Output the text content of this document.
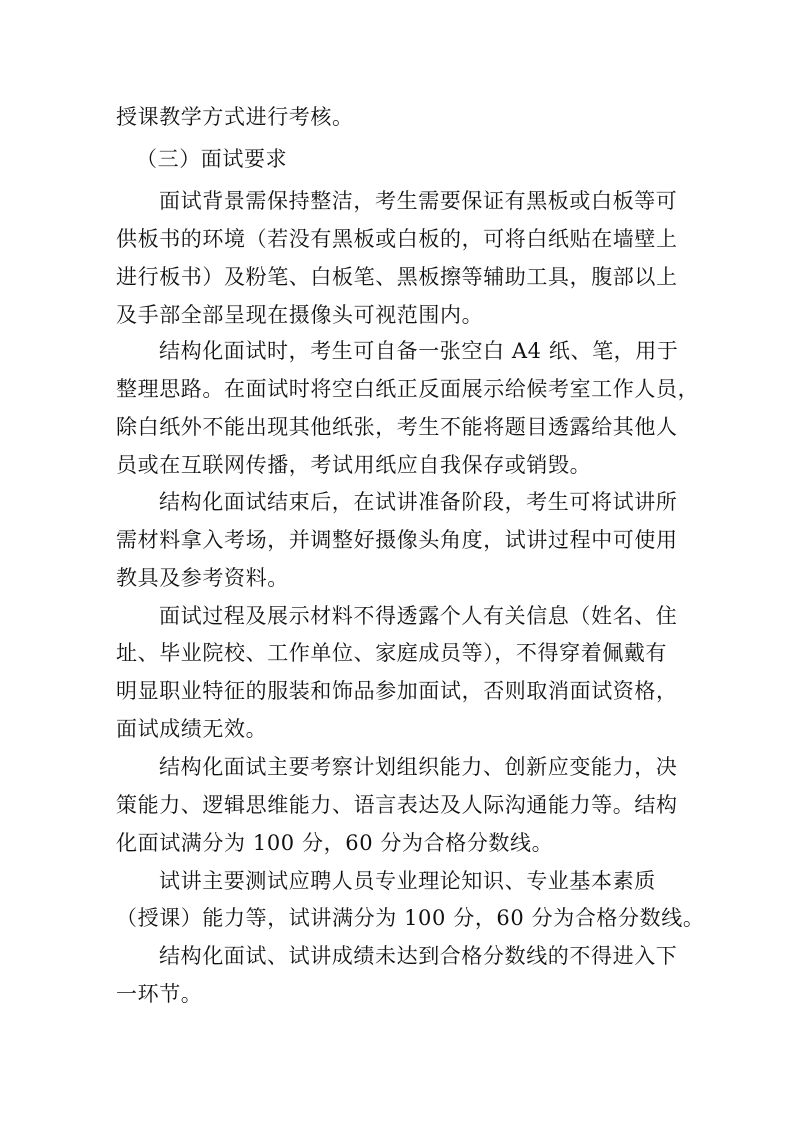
授课教学方式进行考核。
（三）面试要求
面试背景需保持整洁，考生需要保证有黑板或白板等可
供板书的环境（若没有黑板或白板的，可将白纸贴在墙壁上
进行板书）及粉笔、白板笔、黑板擦等辅助工具，腹部以上
及手部全部呈现在摄像头可视范围内。
结构化面试时，考生可自备一张空白 A4 纸、笔，用于
整理思路。在面试时将空白纸正反面展示给候考室工作人员，
除白纸外不能出现其他纸张，考生不能将题目透露给其他人
员或在互联网传播，考试用纸应自我保存或销毁。
结构化面试结束后，在试讲准备阶段，考生可将试讲所
需材料拿入考场，并调整好摄像头角度，试讲过程中可使用
教具及参考资料。
面试过程及展示材料不得透露个人有关信息（姓名、住
址、毕业院校、工作单位、家庭成员等），不得穿着佩戴有
明显职业特征的服装和饰品参加面试，否则取消面试资格，
面试成绩无效。
结构化面试主要考察计划组织能力、创新应变能力，决
策能力、逻辑思维能力、语言表达及人际沟通能力等。结构
化面试满分为 100 分，60 分为合格分数线。
试讲主要测试应聘人员专业理论知识、专业基本素质
（授课）能力等，试讲满分为 100 分，60 分为合格分数线。
结构化面试、试讲成绩未达到合格分数线的不得进入下
一环节。
